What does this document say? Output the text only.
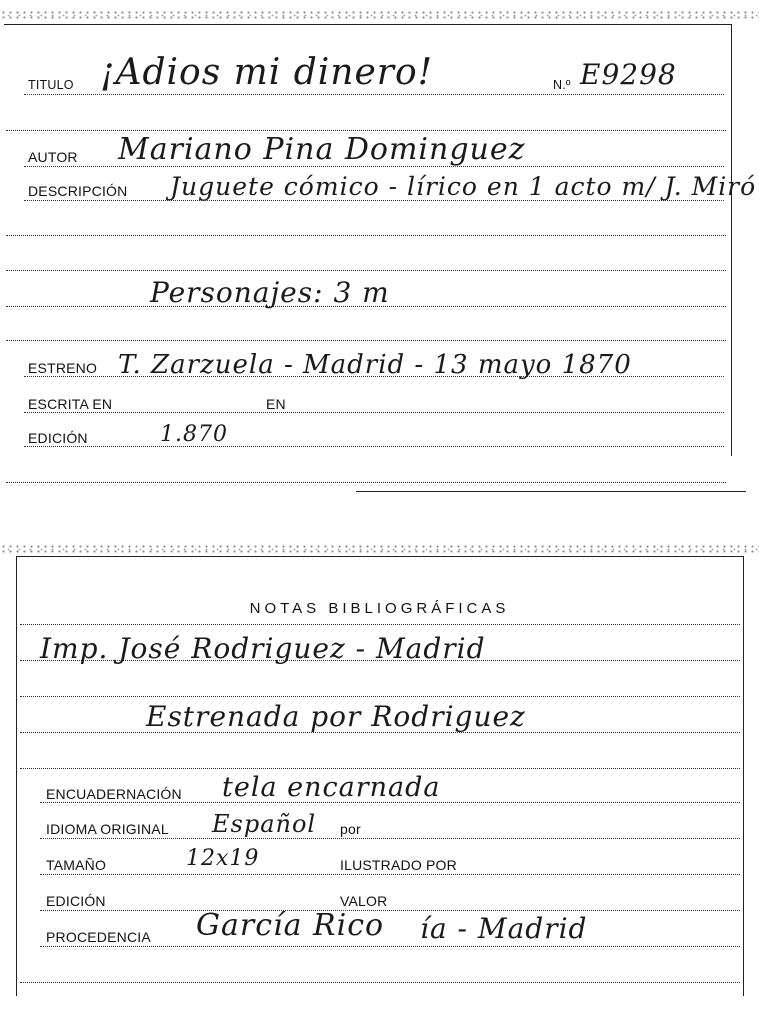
TITULO ¡Adios mi dinero!	N.º E9298
AUTOR Mariano Pina Dominguez
DESCRIPCIÓN Juguete cómico - lírico en 1 acto m/ J. Miró
Personajes: 3 m
ESTRENO T. Zarzuela - Madrid - 13 mayo 1870
ESCRITA EN	EN
EDICIÓN	1.870
NOTAS BIBLIOGRÁFICAS
Imp. José Rodriguez - Madrid
Estrenada por Rodriguez
ENCUADERNACIÓN tela encarnada
IDIOMA ORIGINAL Español por
TAMAÑO	12x19	ILUSTRADO POR
EDICIÓN	VALOR
PROCEDENCIA García Rico ía - Madrid
